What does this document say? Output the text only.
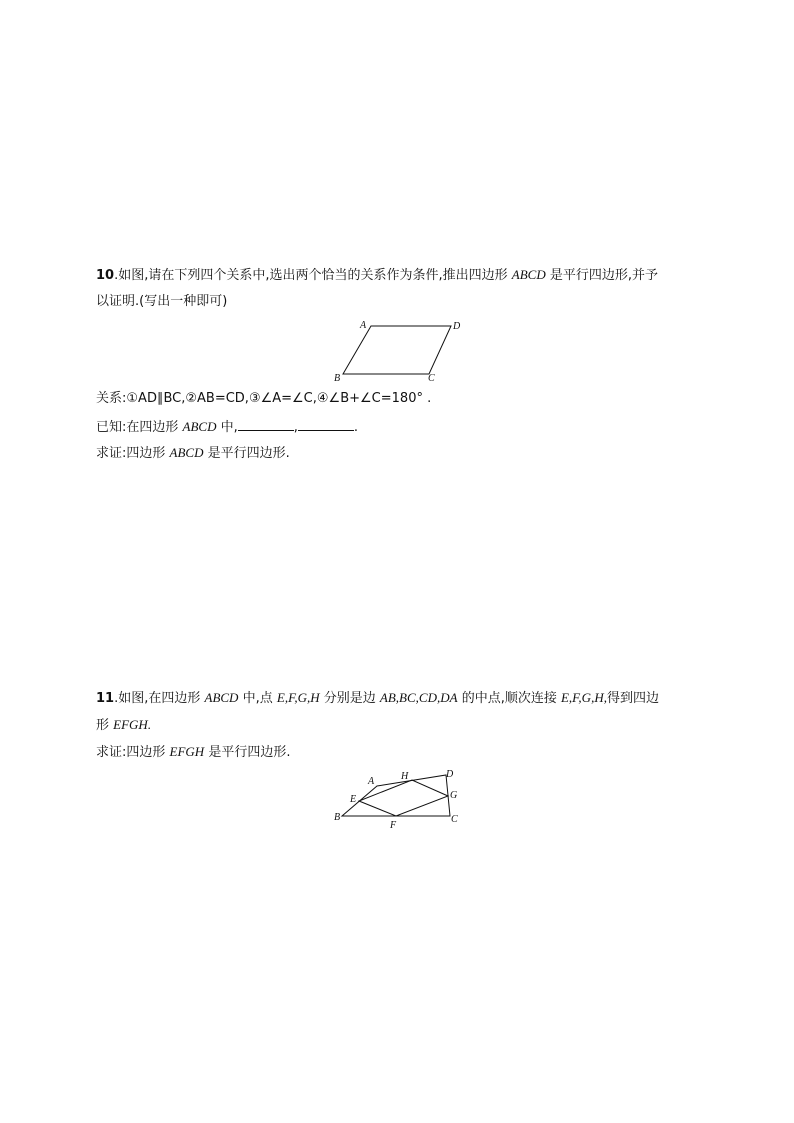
10.如图,请在下列四个关系中,选出两个恰当的关系作为条件,推出四边形 ABCD 是平行四边形,并予
以证明.(写出一种即可)
A	D
B	C
关系:①AD∥BC,②AB=CD,③∠A=∠C,④∠B+∠C=180° .
已知:在四边形 ABCD 中,	,	.
求证:四边形 ABCD 是平行四边形.
11.如图,在四边形 ABCD 中,点 E,F,G,H 分别是边 AB,BC,CD,DA 的中点,顺次连接 E,F,G,H,得到四边
形 EFGH.
求证:四边形 EFGH 是平行四边形.
A	H	D
E	G
B
F
C
